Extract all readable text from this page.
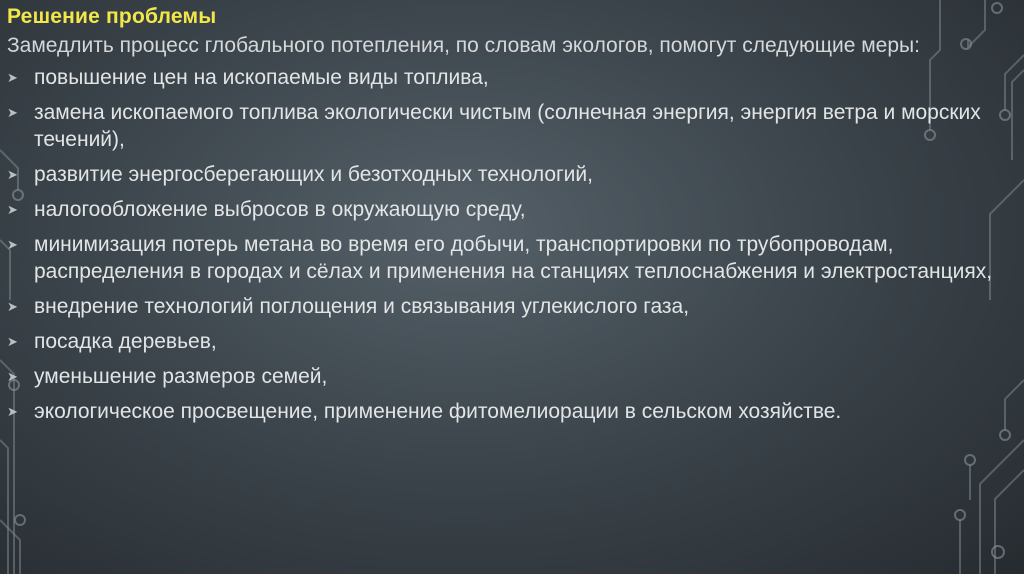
Решение проблемы

Замедлить процесс глобального потепления, по словам экологов, помогут следующие меры:

➤ повышение цен на ископаемые виды топлива,
➤ замена ископаемого топлива экологически чистым (солнечная энергия, энергия ветра и морских течений),
➤ развитие энергосберегающих и безотходных технологий,
➤ налогообложение выбросов в окружающую среду,
➤ минимизация потерь метана во время его добычи, транспортировки по трубопроводам, распределения в городах и сёлах и применения на станциях теплоснабжения и электростанциях,
➤ внедрение технологий поглощения и связывания углекислого газа,
➤ посадка деревьев,
➤ уменьшение размеров семей,
➤ экологическое просвещение, применение фитомелиорации в сельском хозяйстве.
